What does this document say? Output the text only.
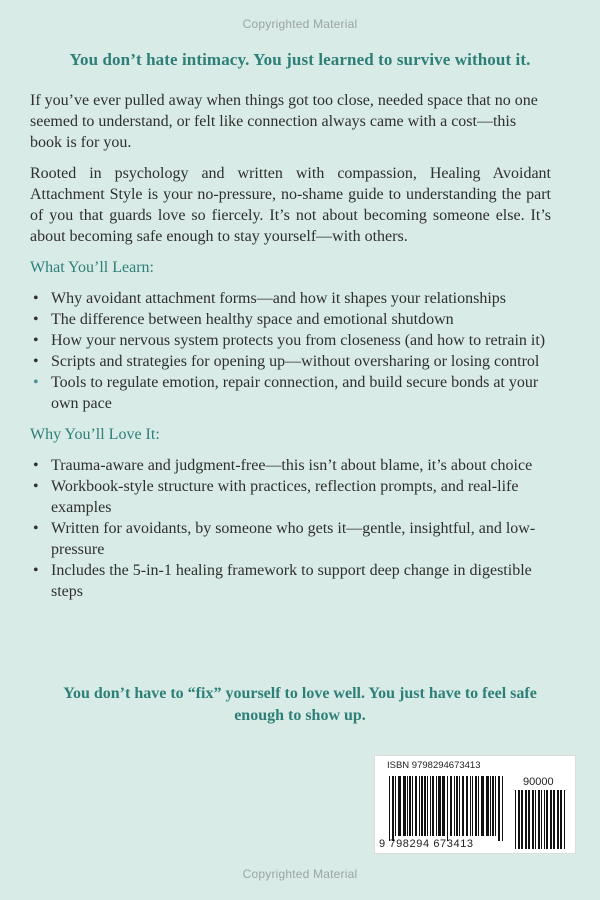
Copyrighted Material
You don’t hate intimacy. You just learned to survive without it.

If you’ve ever pulled away when things got too close, needed space that no one seemed to understand, or felt like connection always came with a cost—this book is for you.

Rooted in psychology and written with compassion, Healing Avoidant Attachment Style is your no-pressure, no-shame guide to understanding the part of you that guards love so fiercely. It’s not about becoming someone else. It’s about becoming safe enough to stay yourself—with others.

What You’ll Learn:

• Why avoidant attachment forms—and how it shapes your relationships
• The difference between healthy space and emotional shutdown
• How your nervous system protects you from closeness (and how to retrain it)
• Scripts and strategies for opening up—without oversharing or losing control
• Tools to regulate emotion, repair connection, and build secure bonds at your own pace

Why You’ll Love It:

• Trauma-aware and judgment-free—this isn’t about blame, it’s about choice
• Workbook-style structure with practices, reflection prompts, and real-life examples
• Written for avoidants, by someone who gets it—gentle, insightful, and low-pressure
• Includes the 5-in-1 healing framework to support deep change in digestible steps
You don’t have to “fix” yourself to love well. You just have to feel safe
enough to show up.
ISBN 9798294673413
90000
9 798294 673413
Copyrighted Material
